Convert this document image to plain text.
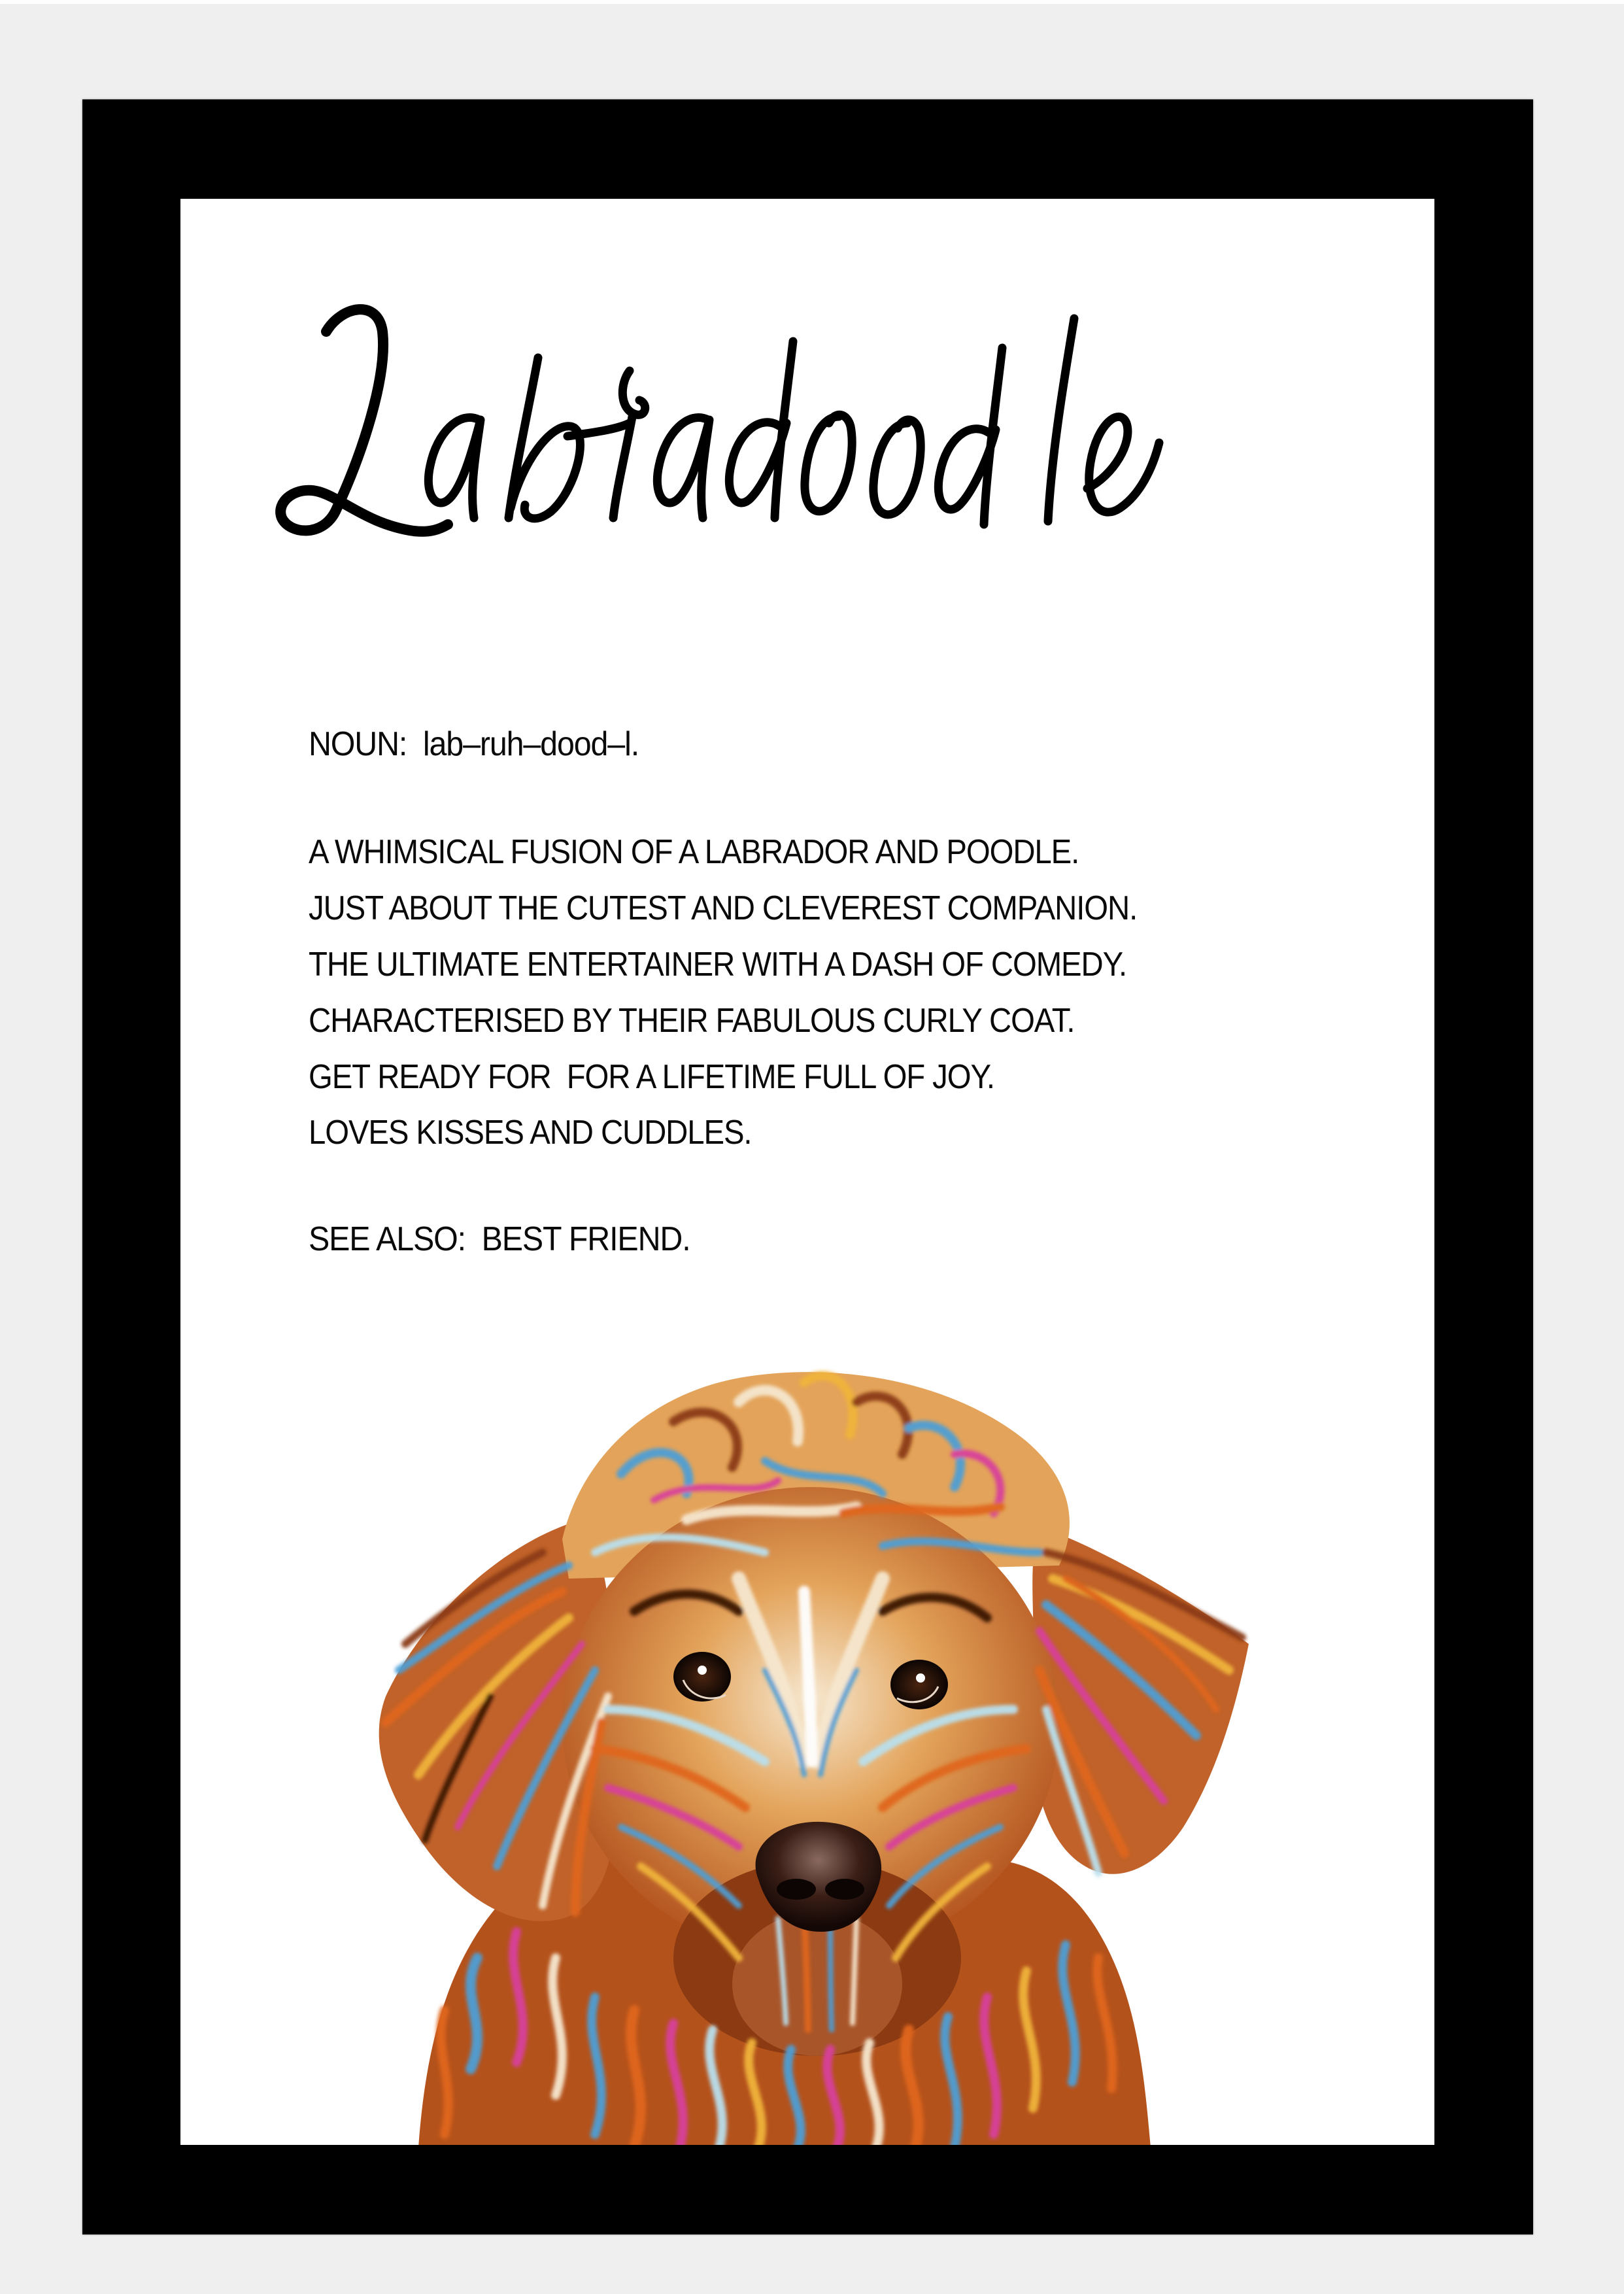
NOUN:  lab–ruh–dood–l.
A WHIMSICAL FUSION OF A LABRADOR AND POODLE.
JUST ABOUT THE CUTEST AND CLEVEREST COMPANION.
THE ULTIMATE ENTERTAINER WITH A DASH OF COMEDY.
CHARACTERISED BY THEIR FABULOUS CURLY COAT.
GET READY FOR  FOR A LIFETIME FULL OF JOY.
LOVES KISSES AND CUDDLES.
SEE ALSO:  BEST FRIEND.
